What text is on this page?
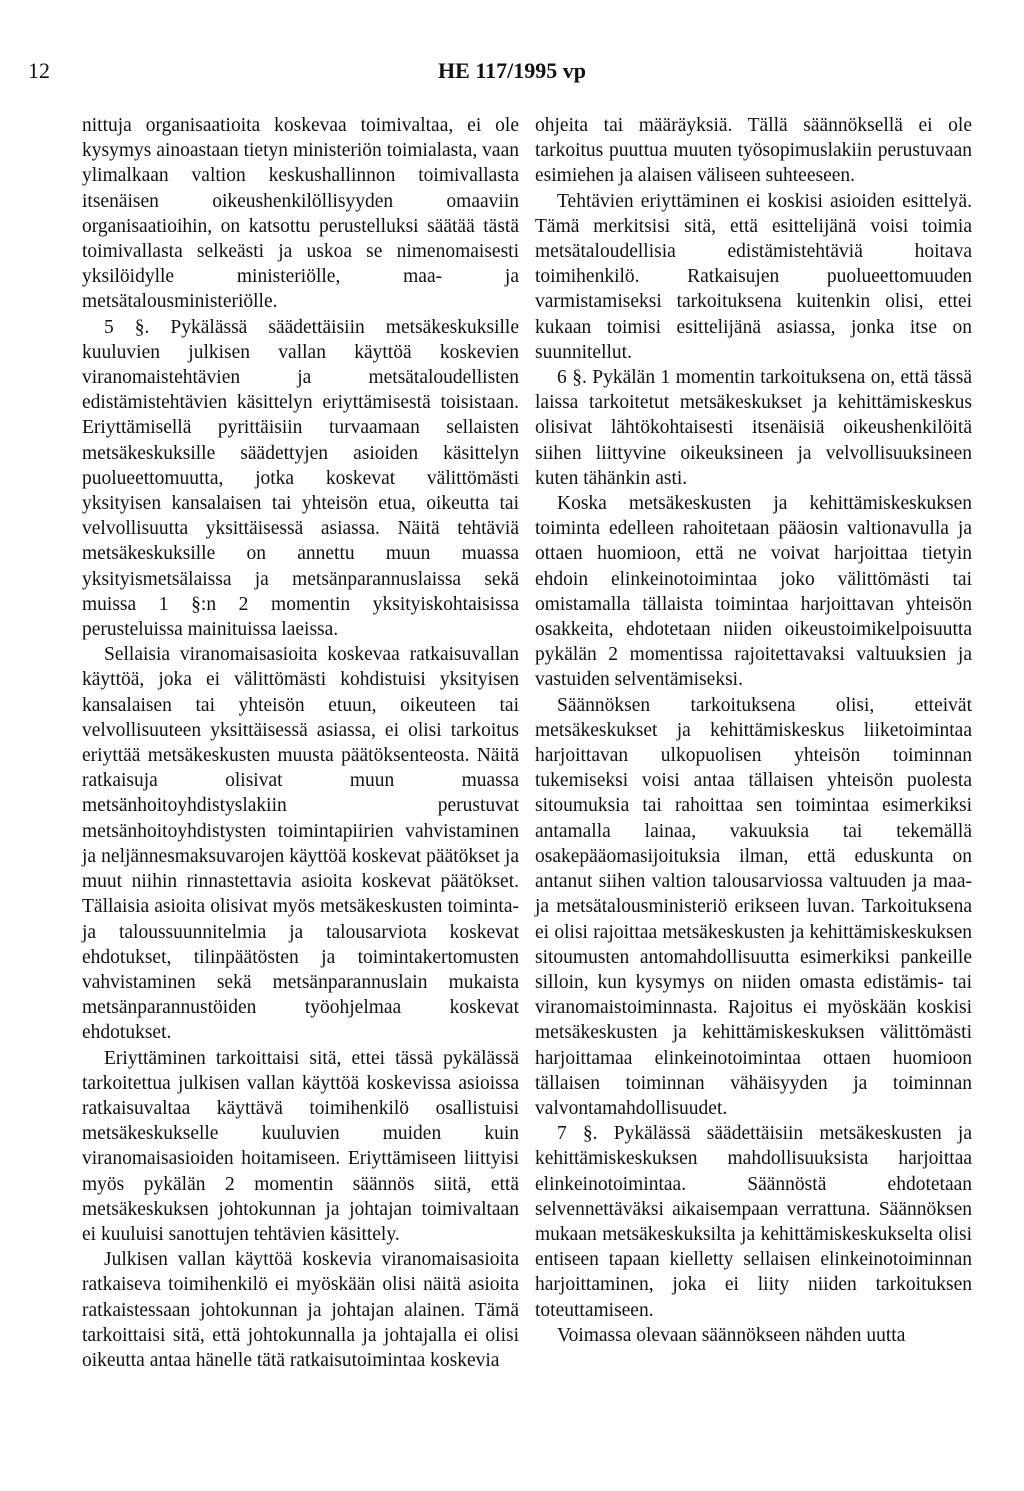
12	HE 117/1995 vp

nittuja organisaatioita koskevaa toimivaltaa, ei ole kysymys ainoastaan tietyn ministeriön toimialasta, vaan ylimalkaan valtion keskushallinnon toimivallasta itsenäisen oikeushenkilöllisyyden omaaviin organisaatioihin, on katsottu perustelluksi säätää tästä toimivallasta selkeästi ja uskoa se nimenomaisesti yksilöidylle ministeriölle, maa- ja metsätalousministeriölle.

5 §. Pykälässä säädettäisiin metsäkeskuksille kuuluvien julkisen vallan käyttöä koskevien viranomaistehtävien ja metsätaloudellisten edistämistehtävien käsittelyn eriyttämisestä toisistaan. Eriyttämisellä pyrittäisiin turvaamaan sellaisten metsäkeskuksille säädettyjen asioiden käsittelyn puolueettomuutta, jotka koskevat välittömästi yksityisen kansalaisen tai yhteisön etua, oikeutta tai velvollisuutta yksittäisessä asiassa. Näitä tehtäviä metsäkeskuksille on annettu muun muassa yksityismetsälaissa ja metsänparannuslaissa sekä muissa 1 §:n 2 momentin yksityiskohtaisissa perusteluissa mainituissa laeissa.

Sellaisia viranomaisasioita koskevaa ratkaisuvallan käyttöä, joka ei välittömästi kohdistuisi yksityisen kansalaisen tai yhteisön etuun, oikeuteen tai velvollisuuteen yksittäisessä asiassa, ei olisi tarkoitus eriyttää metsäkeskusten muusta päätöksenteosta. Näitä ratkaisuja olisivat muun muassa metsänhoitoyhdistyslakiin perustuvat metsänhoitoyhdistysten toimintapiirien vahvistaminen ja neljännesmaksuvarojen käyttöä koskevat päätökset ja muut niihin rinnastettavia asioita koskevat päätökset. Tällaisia asioita olisivat myös metsäkeskusten toiminta- ja taloussuunnitelmia ja talousarviota koskevat ehdotukset, tilinpäätösten ja toimintakertomusten vahvistaminen sekä metsänparannuslain mukaista metsänparannustöiden työohjelmaa koskevat ehdotukset.

Eriyttäminen tarkoittaisi sitä, ettei tässä pykälässä tarkoitettua julkisen vallan käyttöä koskevissa asioissa ratkaisuvaltaa käyttävä toimihenkilö osallistuisi metsäkeskukselle kuuluvien muiden kuin viranomaisasioiden hoitamiseen. Eriyttämiseen liittyisi myös pykälän 2 momentin säännös siitä, että metsäkeskuksen johtokunnan ja johtajan toimivaltaan ei kuuluisi sanottujen tehtävien käsittely.

Julkisen vallan käyttöä koskevia viranomaisasioita ratkaiseva toimihenkilö ei myöskään olisi näitä asioita ratkaistessaan johtokunnan ja johtajan alainen. Tämä tarkoittaisi sitä, että johtokunnalla ja johtajalla ei olisi oikeutta antaa hänelle tätä ratkaisutoimintaa koskevia

ohjeita tai määräyksiä. Tällä säännöksellä ei ole tarkoitus puuttua muuten työsopimuslakiin perustuvaan esimiehen ja alaisen väliseen suhteeseen.

Tehtävien eriyttäminen ei koskisi asioiden esittelyä. Tämä merkitsisi sitä, että esittelijänä voisi toimia metsätaloudellisia edistämistehtäviä hoitava toimihenkilö. Ratkaisujen puolueettomuuden varmistamiseksi tarkoituksena kuitenkin olisi, ettei kukaan toimisi esittelijänä asiassa, jonka itse on suunnitellut.

6 §. Pykälän 1 momentin tarkoituksena on, että tässä laissa tarkoitetut metsäkeskukset ja kehittämiskeskus olisivat lähtökohtaisesti itsenäisiä oikeushenkilöitä siihen liittyvine oikeuksineen ja velvollisuuksineen kuten tähänkin asti.

Koska metsäkeskusten ja kehittämiskeskuksen toiminta edelleen rahoitetaan pääosin valtionavulla ja ottaen huomioon, että ne voivat harjoittaa tietyin ehdoin elinkeinotoimintaa joko välittömästi tai omistamalla tällaista toimintaa harjoittavan yhteisön osakkeita, ehdotetaan niiden oikeustoimikelpoisuutta pykälän 2 momentissa rajoitettavaksi valtuuksien ja vastuiden selventämiseksi.

Säännöksen tarkoituksena olisi, etteivät metsäkeskukset ja kehittämiskeskus liiketoimintaa harjoittavan ulkopuolisen yhteisön toiminnan tukemiseksi voisi antaa tällaisen yhteisön puolesta sitoumuksia tai rahoittaa sen toimintaa esimerkiksi antamalla lainaa, vakuuksia tai tekemällä osakepääomasijoituksia ilman, että eduskunta on antanut siihen valtion talousarviossa valtuuden ja maa- ja metsätalousministeriö erikseen luvan. Tarkoituksena ei olisi rajoittaa metsäkeskusten ja kehittämiskeskuksen sitoumusten antomahdollisuutta esimerkiksi pankeille silloin, kun kysymys on niiden omasta edistämis- tai viranomaistoiminnasta. Rajoitus ei myöskään koskisi metsäkeskusten ja kehittämiskeskuksen välittömästi harjoittamaa elinkeinotoimintaa ottaen huomioon tällaisen toiminnan vähäisyyden ja toiminnan valvontamahdollisuudet.

7 §. Pykälässä säädettäisiin metsäkeskusten ja kehittämiskeskuksen mahdollisuuksista harjoittaa elinkeinotoimintaa. Säännöstä ehdotetaan selvennettäväksi aikaisempaan verrattuna. Säännöksen mukaan metsäkeskuksilta ja kehittämiskeskukselta olisi entiseen tapaan kielletty sellaisen elinkeinotoiminnan harjoittaminen, joka ei liity niiden tarkoituksen toteuttamiseen.

Voimassa olevaan säännökseen nähden uutta
